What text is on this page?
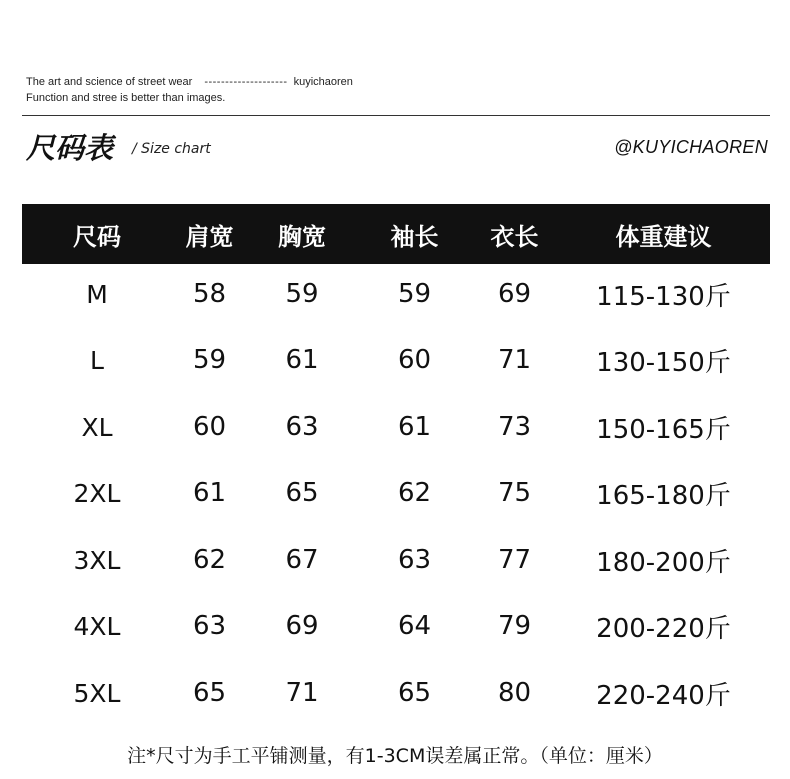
The art and science of street wear -------------------- kuyichaoren
Function and stree is better than images.
尺码表 / Size chart	@KUYICHAOREN
尺码	肩宽	胸宽	袖长	衣长	体重建议
M	58	59	59	69	115-130斤
L	59	61	60	71	130-150斤
XL	60	63	61	73	150-165斤
2XL	61	65	62	75	165-180斤
3XL	62	67	63	77	180-200斤
4XL	63	69	64	79	200-220斤
5XL	65	71	65	80	220-240斤
注*尺寸为手工平铺测量，有1-3CM误差属正常。（单位：厘米）
